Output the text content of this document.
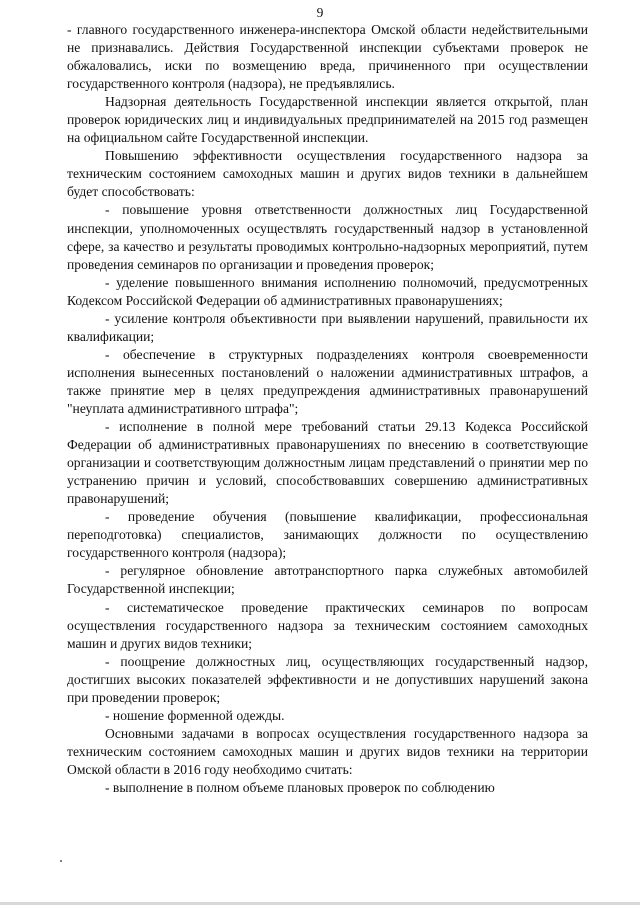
9

- главного государственного инженера-инспектора Омской области недействительными не признавались. Действия Государственной инспекции субъектами проверок не обжаловались, иски по возмещению вреда, причиненного при осуществлении государственного контроля (надзора), не предъявлялись.

Надзорная деятельность Государственной инспекции является открытой, план проверок юридических лиц и индивидуальных предпринимателей на 2015 год размещен на официальном сайте Государственной инспекции.

Повышению эффективности осуществления государственного надзора за техническим состоянием самоходных машин и других видов техники в дальнейшем будет способствовать:

- повышение уровня ответственности должностных лиц Государственной инспекции, уполномоченных осуществлять государственный надзор в установленной сфере, за качество и результаты проводимых контрольно-надзорных мероприятий, путем проведения семинаров по организации и проведения проверок;

- уделение повышенного внимания исполнению полномочий, предусмотренных Кодексом Российской Федерации об административных правонарушениях;

- усиление контроля объективности при выявлении нарушений, правильности их квалификации;

- обеспечение в структурных подразделениях контроля своевременности исполнения вынесенных постановлений о наложении административных штрафов, а также принятие мер в целях предупреждения административных правонарушений "неуплата административного штрафа";

- исполнение в полной мере требований статьи 29.13 Кодекса Российской Федерации об административных правонарушениях по внесению в соответствующие организации и соответствующим должностным лицам представлений о принятии мер по устранению причин и условий, способствовавших совершению административных правонарушений;

- проведение обучения (повышение квалификации, профессиональная переподготовка) специалистов, занимающих должности по осуществлению государственного контроля (надзора);

- регулярное обновление автотранспортного парка служебных автомобилей Государственной инспекции;

- систематическое проведение практических семинаров по вопросам осуществления государственного надзора за техническим состоянием самоходных машин и других видов техники;

- поощрение должностных лиц, осуществляющих государственный надзор, достигших высоких показателей эффективности и не допустивших нарушений закона при проведении проверок;

- ношение форменной одежды.

Основными задачами в вопросах осуществления государственного надзора за техническим состоянием самоходных машин и других видов техники на территории Омской области в 2016 году необходимо считать:

- выполнение в полном объеме плановых проверок по соблюдению
